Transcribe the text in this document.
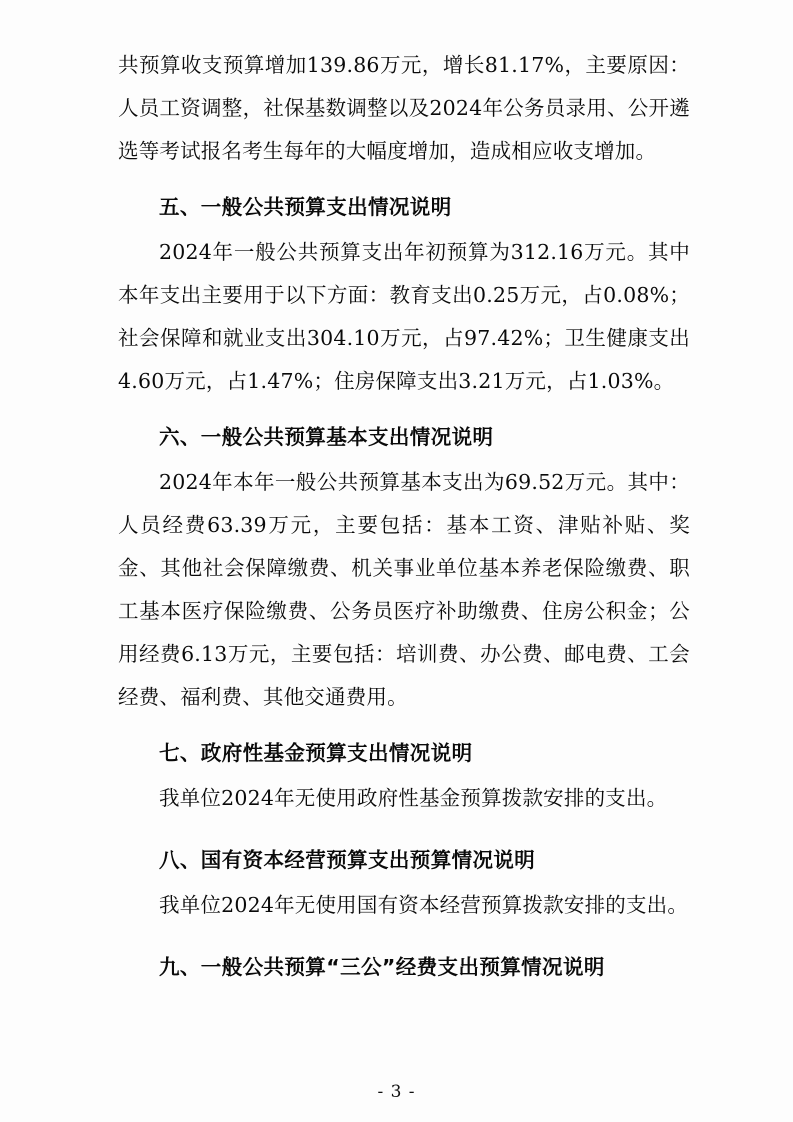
共预算收支预算增加139.86万元，增长81.17%，主要原因：人员工资调整，社保基数调整以及2024年公务员录用、公开遴选等考试报名考生每年的大幅度增加，造成相应收支增加。

五、一般公共预算支出情况说明

2024年一般公共预算支出年初预算为312.16万元。其中本年支出主要用于以下方面：教育支出0.25万元，占0.08%；社会保障和就业支出304.10万元，占97.42%；卫生健康支出4.60万元，占1.47%；住房保障支出3.21万元，占1.03%。

六、一般公共预算基本支出情况说明

2024年本年一般公共预算基本支出为69.52万元。其中：人员经费63.39万元，主要包括：基本工资、津贴补贴、奖金、其他社会保障缴费、机关事业单位基本养老保险缴费、职工基本医疗保险缴费、公务员医疗补助缴费、住房公积金；公用经费6.13万元，主要包括：培训费、办公费、邮电费、工会经费、福利费、其他交通费用。

七、政府性基金预算支出情况说明

我单位2024年无使用政府性基金预算拨款安排的支出。

八、国有资本经营预算支出预算情况说明

我单位2024年无使用国有资本经营预算拨款安排的支出。

九、一般公共预算“三公”经费支出预算情况说明
- 3 -
